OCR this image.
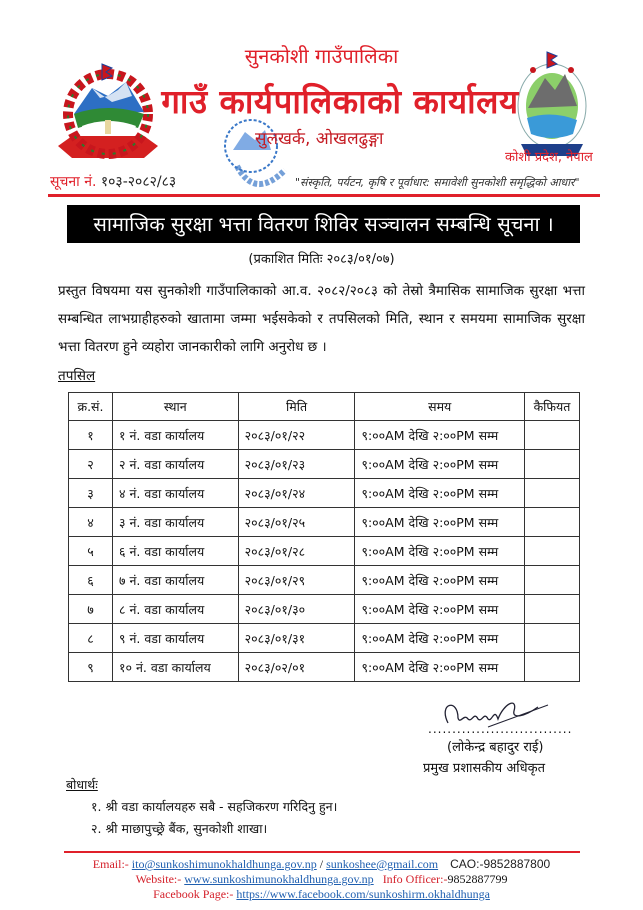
सुनकोशी गाउँपालिका
गाउँ कार्यपालिकाको कार्यालय
सुलखर्क, ओखलढुङ्गा
कोशी प्रदेश, नेपाल
सूचना नं. १०३-२०८२/८३	"संस्कृति, पर्यटन, कृषि र पूर्वाधार: समावेशी सुनकोशी समृद्धिको आधार"
सामाजिक सुरक्षा भत्ता वितरण शिविर सञ्चालन सम्बन्धि सूचना ।
(प्रकाशित मितिः २०८३/०१/०७)
प्रस्तुत विषयमा यस सुनकोशी गाउँपालिकाको आ.व. २०८२/२०८३ को तेस्रो त्रैमासिक सामाजिक सुरक्षा भत्ता सम्बन्धित लाभग्राहीहरुको खातामा जम्मा भईसकेको र तपसिलको मिति, स्थान र समयमा सामाजिक सुरक्षा भत्ता वितरण हुने व्यहोरा जानकारीको लागि अनुरोध छ ।
तपसिल
क्र.सं.	स्थान	मिति	समय	कैफियत
१	१ नं. वडा कार्यालय	२०८३/०१/२२	९:००AM देखि २:००PM सम्म	
२	२ नं. वडा कार्यालय	२०८३/०१/२३	९:००AM देखि २:००PM सम्म	
३	४ नं. वडा कार्यालय	२०८३/०१/२४	९:००AM देखि २:००PM सम्म	
४	३ नं. वडा कार्यालय	२०८३/०१/२५	९:००AM देखि २:००PM सम्म	
५	६ नं. वडा कार्यालय	२०८३/०१/२८	९:००AM देखि २:००PM सम्म	
६	७ नं. वडा कार्यालय	२०८३/०१/२९	९:००AM देखि २:००PM सम्म	
७	८ नं. वडा कार्यालय	२०८३/०१/३०	९:००AM देखि २:००PM सम्म	
८	९ नं. वडा कार्यालय	२०८३/०१/३१	९:००AM देखि २:००PM सम्म	
९	१० नं. वडा कार्यालय	२०८३/०२/०१	९:००AM देखि २:००PM सम्म	
..............................
(लोकेन्द्र बहादुर राई)
प्रमुख प्रशासकीय अधिकृत
बोधार्थः
१. श्री वडा कार्यालयहरु सबै - सहजिकरण गरिदिनु हुन।
२. श्री माछापुच्छ्रे बैंक, सुनकोशी शाखा।
Email:- ito@sunkoshimunokhaldhunga.gov.np / sunkoshee@gmail.com CAO:-9852887800
Website:- www.sunkoshimunokhaldhunga.gov.np Info Officer:-9852887799
Facebook Page:- https://www.facebook.com/sunkoshirm.okhaldhunga
